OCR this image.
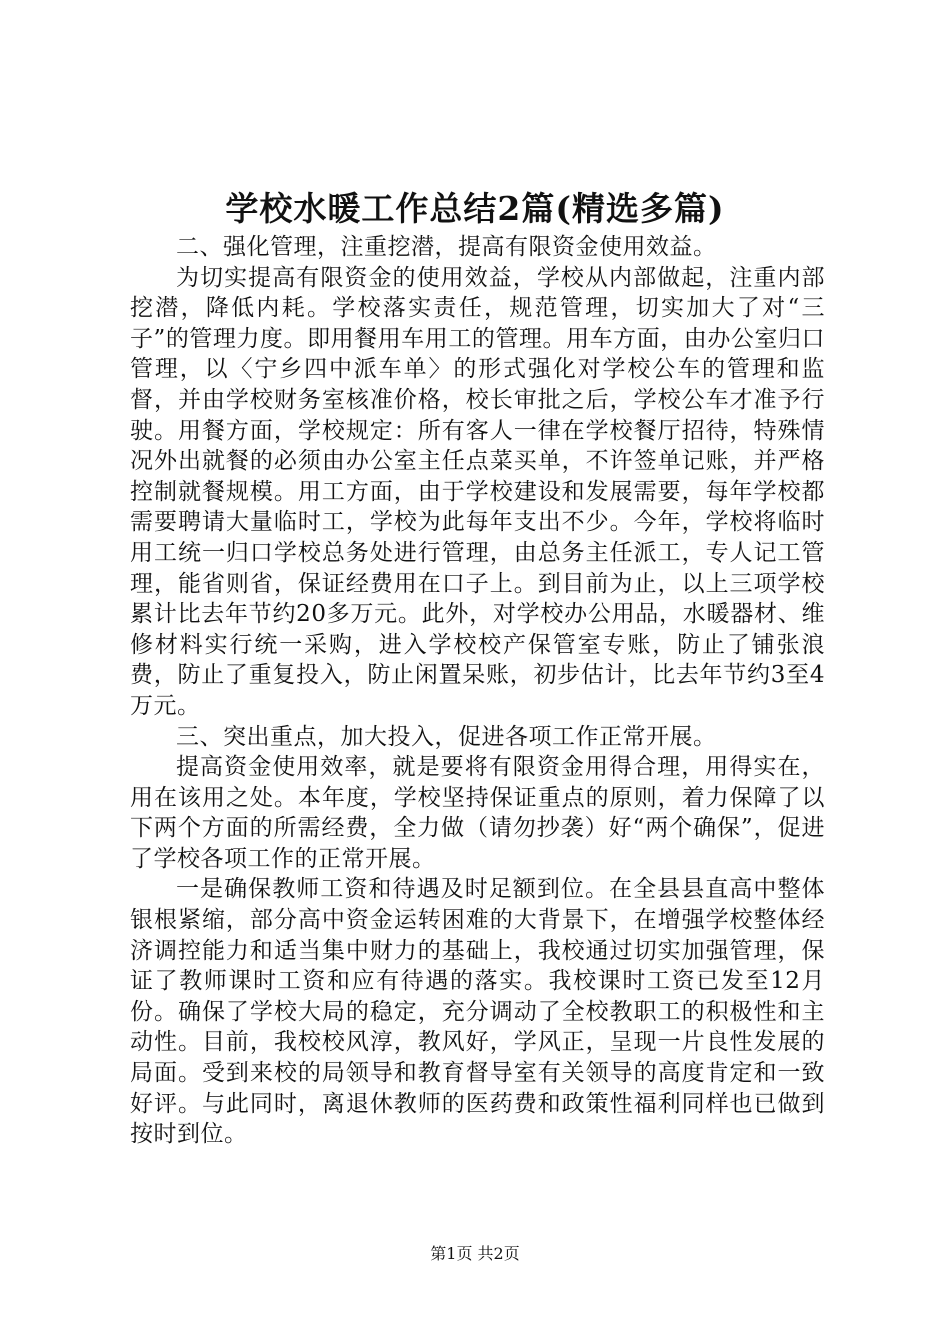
学校水暖工作总结2篇(精选多篇)

二、强化管理，注重挖潜，提高有限资金使用效益。

为切实提高有限资金的使用效益，学校从内部做起，注重内部挖潜，降低内耗。学校落实责任，规范管理，切实加大了对“三子”的管理力度。即用餐用车用工的管理。用车方面，由办公室归口管理，以〈宁乡四中派车单〉的形式强化对学校公车的管理和监督，并由学校财务室核准价格，校长审批之后，学校公车才准予行驶。用餐方面，学校规定：所有客人一律在学校餐厅招待，特殊情况外出就餐的必须由办公室主任点菜买单，不许签单记账，并严格控制就餐规模。用工方面，由于学校建设和发展需要，每年学校都需要聘请大量临时工，学校为此每年支出不少。今年，学校将临时用工统一归口学校总务处进行管理，由总务主任派工，专人记工管理，能省则省，保证经费用在口子上。到目前为止，以上三项学校累计比去年节约20多万元。此外，对学校办公用品，水暖器材、维修材料实行统一采购，进入学校校产保管室专账，防止了铺张浪费，防止了重复投入，防止闲置呆账，初步估计，比去年节约3至4万元。

三、突出重点，加大投入，促进各项工作正常开展。

提高资金使用效率，就是要将有限资金用得合理，用得实在，用在该用之处。本年度，学校坚持保证重点的原则，着力保障了以下两个方面的所需经费，全力做（请勿抄袭）好“两个确保”，促进了学校各项工作的正常开展。

一是确保教师工资和待遇及时足额到位。在全县县直高中整体银根紧缩，部分高中资金运转困难的大背景下，在增强学校整体经济调控能力和适当集中财力的基础上，我校通过切实加强管理，保证了教师课时工资和应有待遇的落实。我校课时工资已发至12月份。确保了学校大局的稳定，充分调动了全校教职工的积极性和主动性。目前，我校校风淳，教风好，学风正，呈现一片良性发展的局面。受到来校的局领导和教育督导室有关领导的高度肯定和一致好评。与此同时，离退休教师的医药费和政策性福利同样也已做到按时到位。

第1页 共2页
